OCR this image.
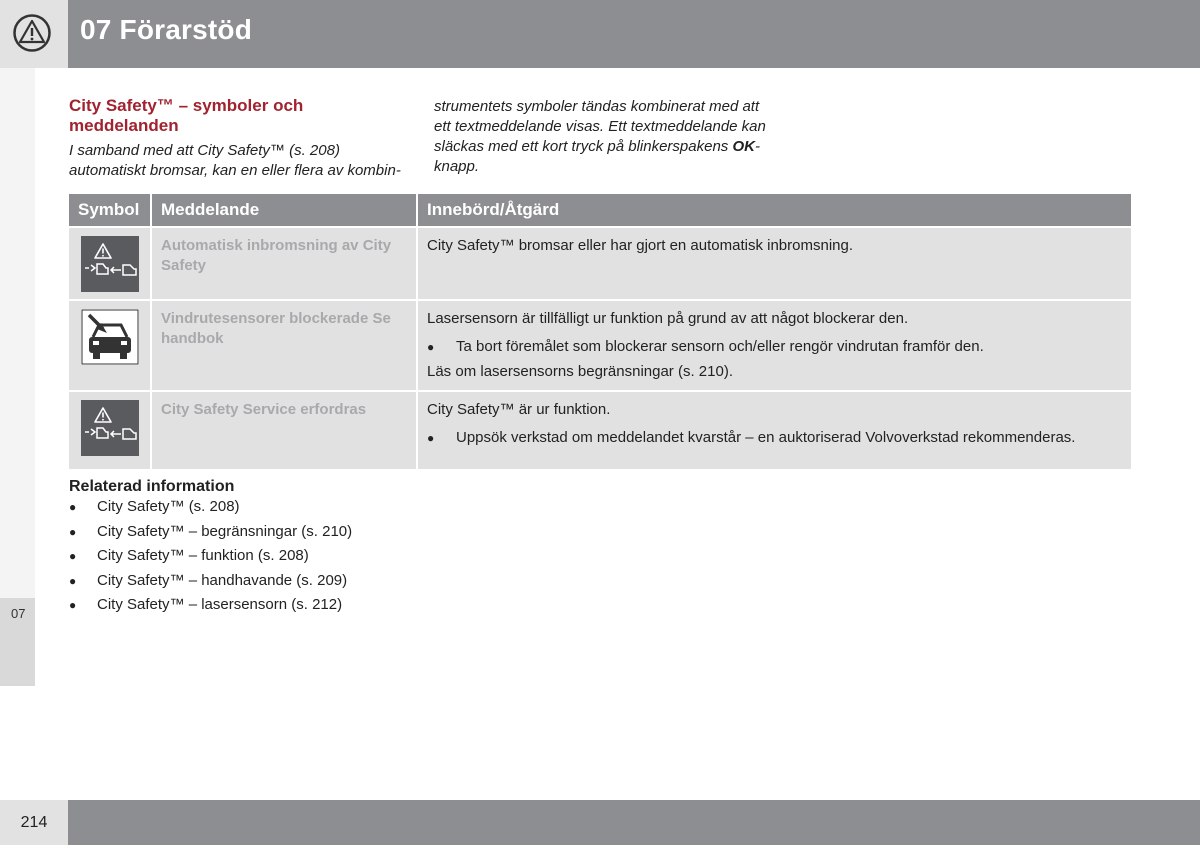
07 Förarstöd
07
City Safety™ – symboler och meddelanden
I samband med att City Safety™ (s. 208) automatiskt bromsar, kan en eller flera av kombin-
strumentets symboler tändas kombinerat med att ett textmeddelande visas. Ett textmeddelande kan släckas med ett kort tryck på blinkerspakens OK-knapp.
Symbol	Meddelande	Innebörd/Åtgärd

Automatisk inbromsning av City Safety	City Safety™ bromsar eller har gjort en automatisk inbromsning.

Vindrutesensorer blockerade Se handbok	Lasersensorn är tillfälligt ur funktion på grund av att något blockerar den.
● Ta bort föremålet som blockerar sensorn och/eller rengör vindrutan framför den.
Läs om lasersensorns begränsningar (s. 210).

City Safety Service erfordras	City Safety™ är ur funktion.
● Uppsök verkstad om meddelandet kvarstår – en auktoriserad Volvoverkstad rekommenderas.
Relaterad information
● City Safety™ (s. 208)
● City Safety™ – begränsningar (s. 210)
● City Safety™ – funktion (s. 208)
● City Safety™ – handhavande (s. 209)
● City Safety™ – lasersensorn (s. 212)
214
